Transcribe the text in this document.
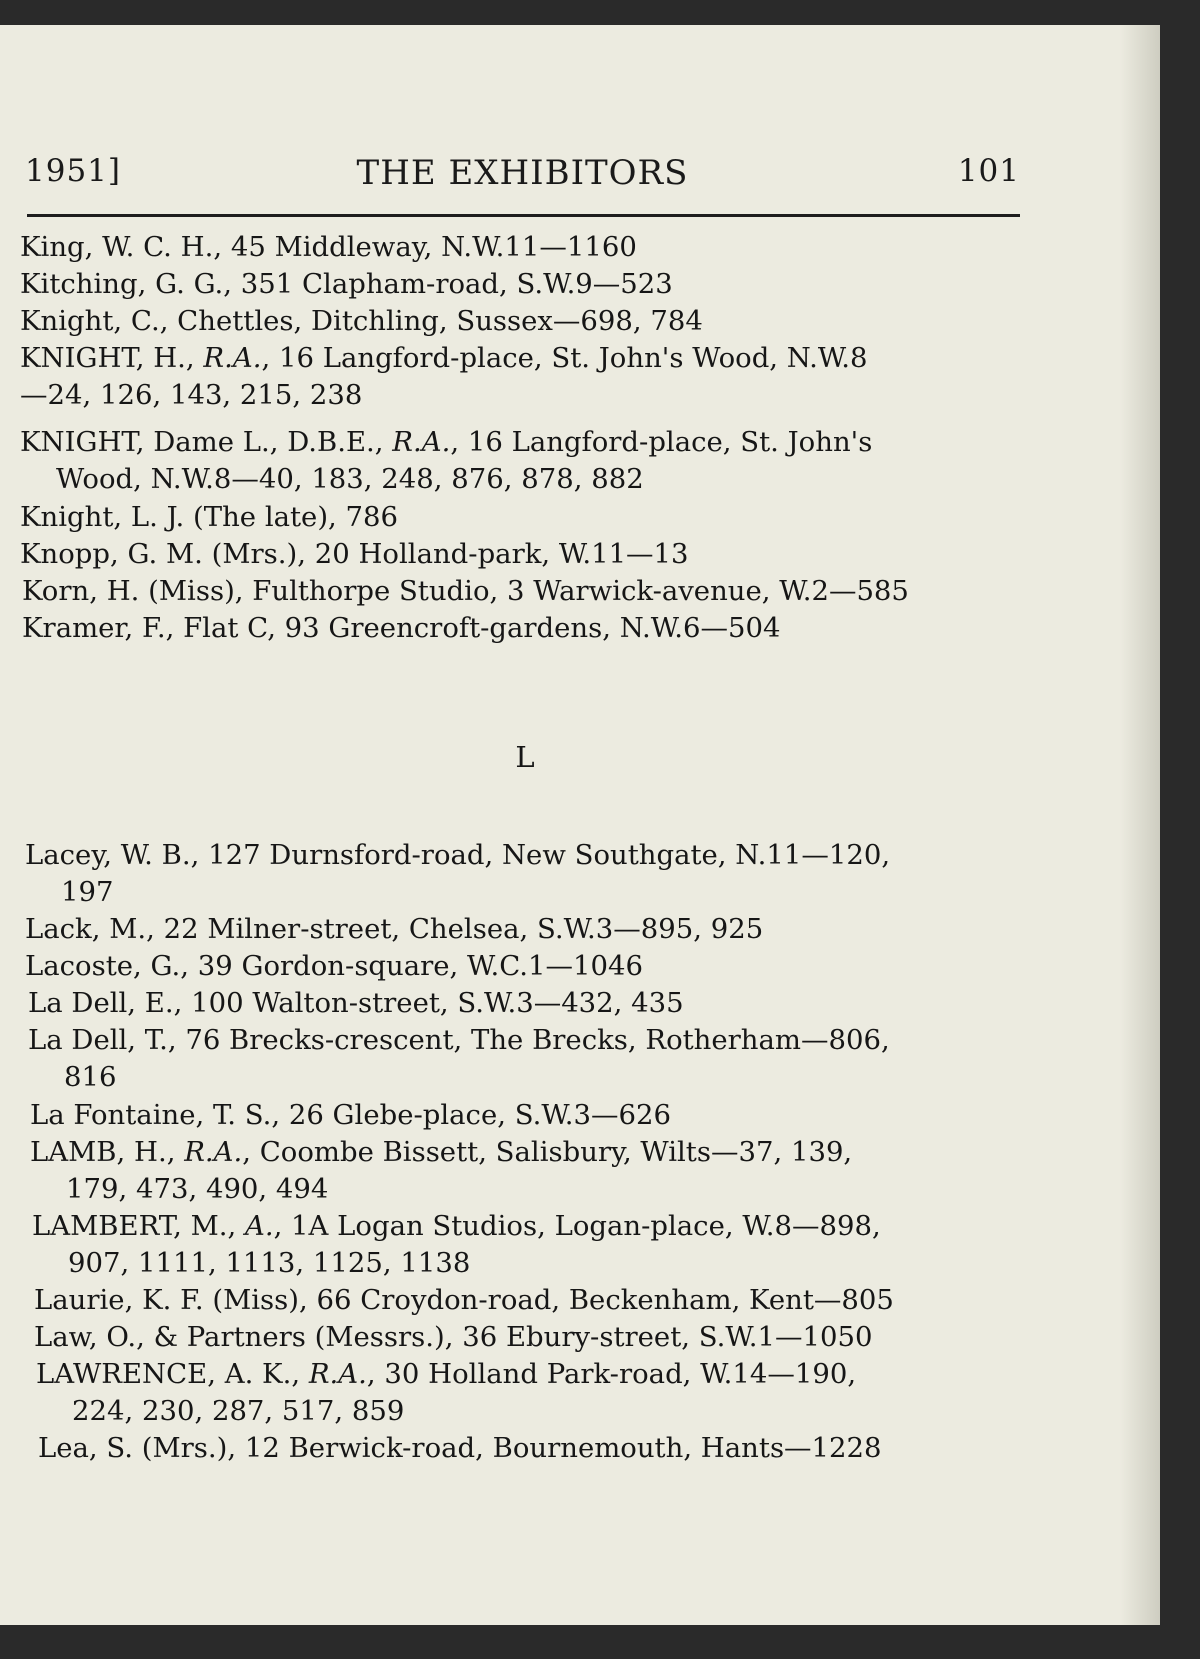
1951]	THE EXHIBITORS	101
King, W. C. H., 45 Middleway, N.W.11—1160
Kitching, G. G., 351 Clapham-road, S.W.9—523
Knight, C., Chettles, Ditchling, Sussex—698, 784
KNIGHT, H., R.A., 16 Langford-place, St. John's Wood, N.W.8
—24, 126, 143, 215, 238
KNIGHT, Dame L., D.B.E., R.A., 16 Langford-place, St. John's
Wood, N.W.8—40, 183, 248, 876, 878, 882
Knight, L. J. (The late), 786
Knopp, G. M. (Mrs.), 20 Holland-park, W.11—13
Korn, H. (Miss), Fulthorpe Studio, 3 Warwick-avenue, W.2—585
Kramer, F., Flat C, 93 Greencroft-gardens, N.W.6—504
L
Lacey, W. B., 127 Durnsford-road, New Southgate, N.11—120,
197
Lack, M., 22 Milner-street, Chelsea, S.W.3—895, 925
Lacoste, G., 39 Gordon-square, W.C.1—1046
La Dell, E., 100 Walton-street, S.W.3—432, 435
La Dell, T., 76 Brecks-crescent, The Brecks, Rotherham—806,
816
La Fontaine, T. S., 26 Glebe-place, S.W.3—626
LAMB, H., R.A., Coombe Bissett, Salisbury, Wilts—37, 139,
179, 473, 490, 494
LAMBERT, M., A., 1A Logan Studios, Logan-place, W.8—898,
907, 1111, 1113, 1125, 1138
Laurie, K. F. (Miss), 66 Croydon-road, Beckenham, Kent—805
Law, O., & Partners (Messrs.), 36 Ebury-street, S.W.1—1050
LAWRENCE, A. K., R.A., 30 Holland Park-road, W.14—190,
224, 230, 287, 517, 859
Lea, S. (Mrs.), 12 Berwick-road, Bournemouth, Hants—1228
